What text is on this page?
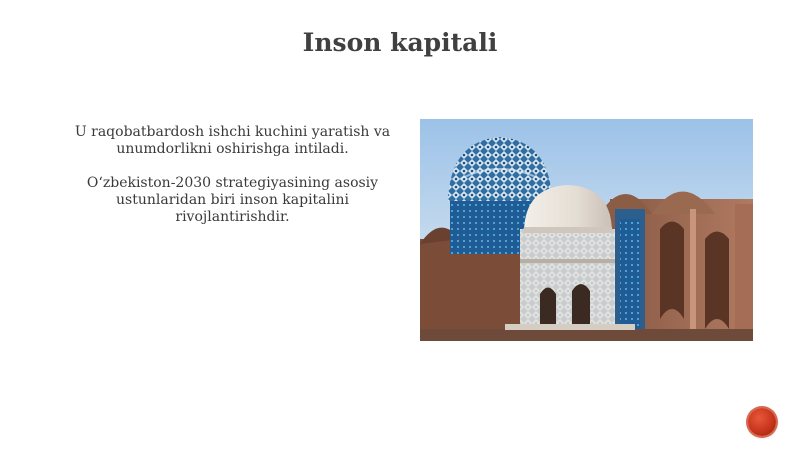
Inson kapitali

U raqobatbardosh ishchi kuchini yaratish va unumdorlikni oshirishga intiladi.

O‘zbekiston-2030 strategiyasining asosiy ustunlaridan biri inson kapitalini rivojlantirishdir.
